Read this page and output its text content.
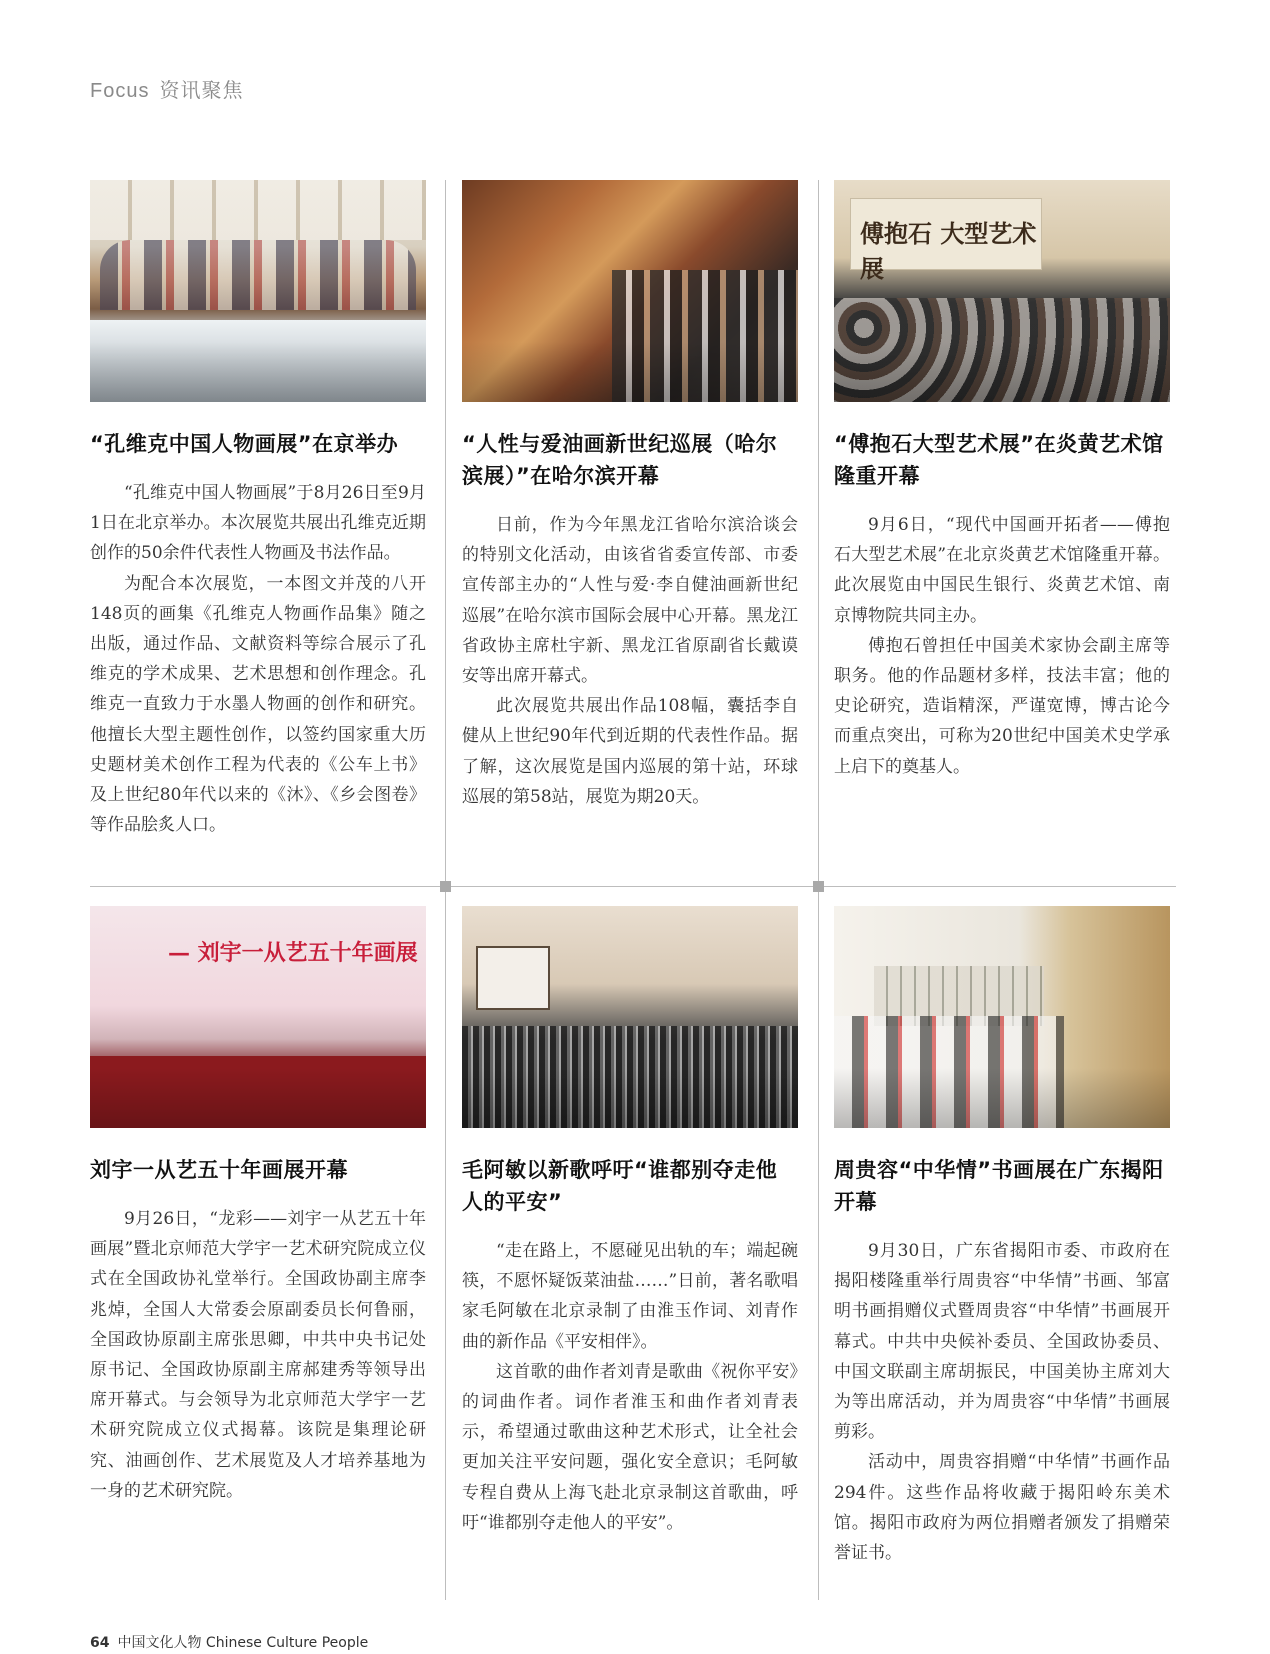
Focus 资讯聚焦
“孔维克中国人物画展”在京举办

“孔维克中国人物画展”于8月26日至9月1日在北京举办。本次展览共展出孔维克近期创作的50余件代表性人物画及书法作品。

为配合本次展览，一本图文并茂的八开148页的画集《孔维克人物画作品集》随之出版，通过作品、文献资料等综合展示了孔维克的学术成果、艺术思想和创作理念。孔维克一直致力于水墨人物画的创作和研究。他擅长大型主题性创作，以签约国家重大历史题材美术创作工程为代表的《公车上书》及上世纪80年代以来的《沐》、《乡会图卷》等作品脍炙人口。

“人性与爱油画新世纪巡展（哈尔滨展）”在哈尔滨开幕

日前，作为今年黑龙江省哈尔滨洽谈会的特别文化活动，由该省省委宣传部、市委宣传部主办的“人性与爱·李自健油画新世纪巡展”在哈尔滨市国际会展中心开幕。黑龙江省政协主席杜宇新、黑龙江省原副省长戴谟安等出席开幕式。

此次展览共展出作品108幅，囊括李自健从上世纪90年代到近期的代表性作品。据了解，这次展览是国内巡展的第十站，环球巡展的第58站，展览为期20天。

傅抱石 大型艺术展
“傅抱石大型艺术展”在炎黄艺术馆隆重开幕

9月6日，“现代中国画开拓者——傅抱石大型艺术展”在北京炎黄艺术馆隆重开幕。此次展览由中国民生银行、炎黄艺术馆、南京博物院共同主办。

傅抱石曾担任中国美术家协会副主席等职务。他的作品题材多样，技法丰富；他的史论研究，造诣精深，严谨宽博，博古论今而重点突出，可称为20世纪中国美术史学承上启下的奠基人。

— 刘宇一从艺五十年画展
刘宇一从艺五十年画展开幕

9月26日，“龙彩——刘宇一从艺五十年画展”暨北京师范大学宇一艺术研究院成立仪式在全国政协礼堂举行。全国政协副主席李兆焯，全国人大常委会原副委员长何鲁丽，全国政协原副主席张思卿，中共中央书记处原书记、全国政协原副主席郝建秀等领导出席开幕式。与会领导为北京师范大学宇一艺术研究院成立仪式揭幕。该院是集理论研究、油画创作、艺术展览及人才培养基地为一身的艺术研究院。

毛阿敏以新歌呼吁“谁都别夺走他人的平安”

“走在路上，不愿碰见出轨的车；端起碗筷，不愿怀疑饭菜油盐……”日前，著名歌唱家毛阿敏在北京录制了由淮玉作词、刘青作曲的新作品《平安相伴》。

这首歌的曲作者刘青是歌曲《祝你平安》的词曲作者。词作者淮玉和曲作者刘青表示，希望通过歌曲这种艺术形式，让全社会更加关注平安问题，强化安全意识；毛阿敏专程自费从上海飞赴北京录制这首歌曲，呼吁“谁都别夺走他人的平安”。

周贵容“中华情”书画展在广东揭阳开幕

9月30日，广东省揭阳市委、市政府在揭阳楼隆重举行周贵容“中华情”书画、邹富明书画捐赠仪式暨周贵容“中华情”书画展开幕式。中共中央候补委员、全国政协委员、中国文联副主席胡振民，中国美协主席刘大为等出席活动，并为周贵容“中华情”书画展剪彩。

活动中，周贵容捐赠“中华情”书画作品294件。这些作品将收藏于揭阳岭东美术馆。揭阳市政府为两位捐赠者颁发了捐赠荣誉证书。

64 中国文化人物 Chinese Culture People
